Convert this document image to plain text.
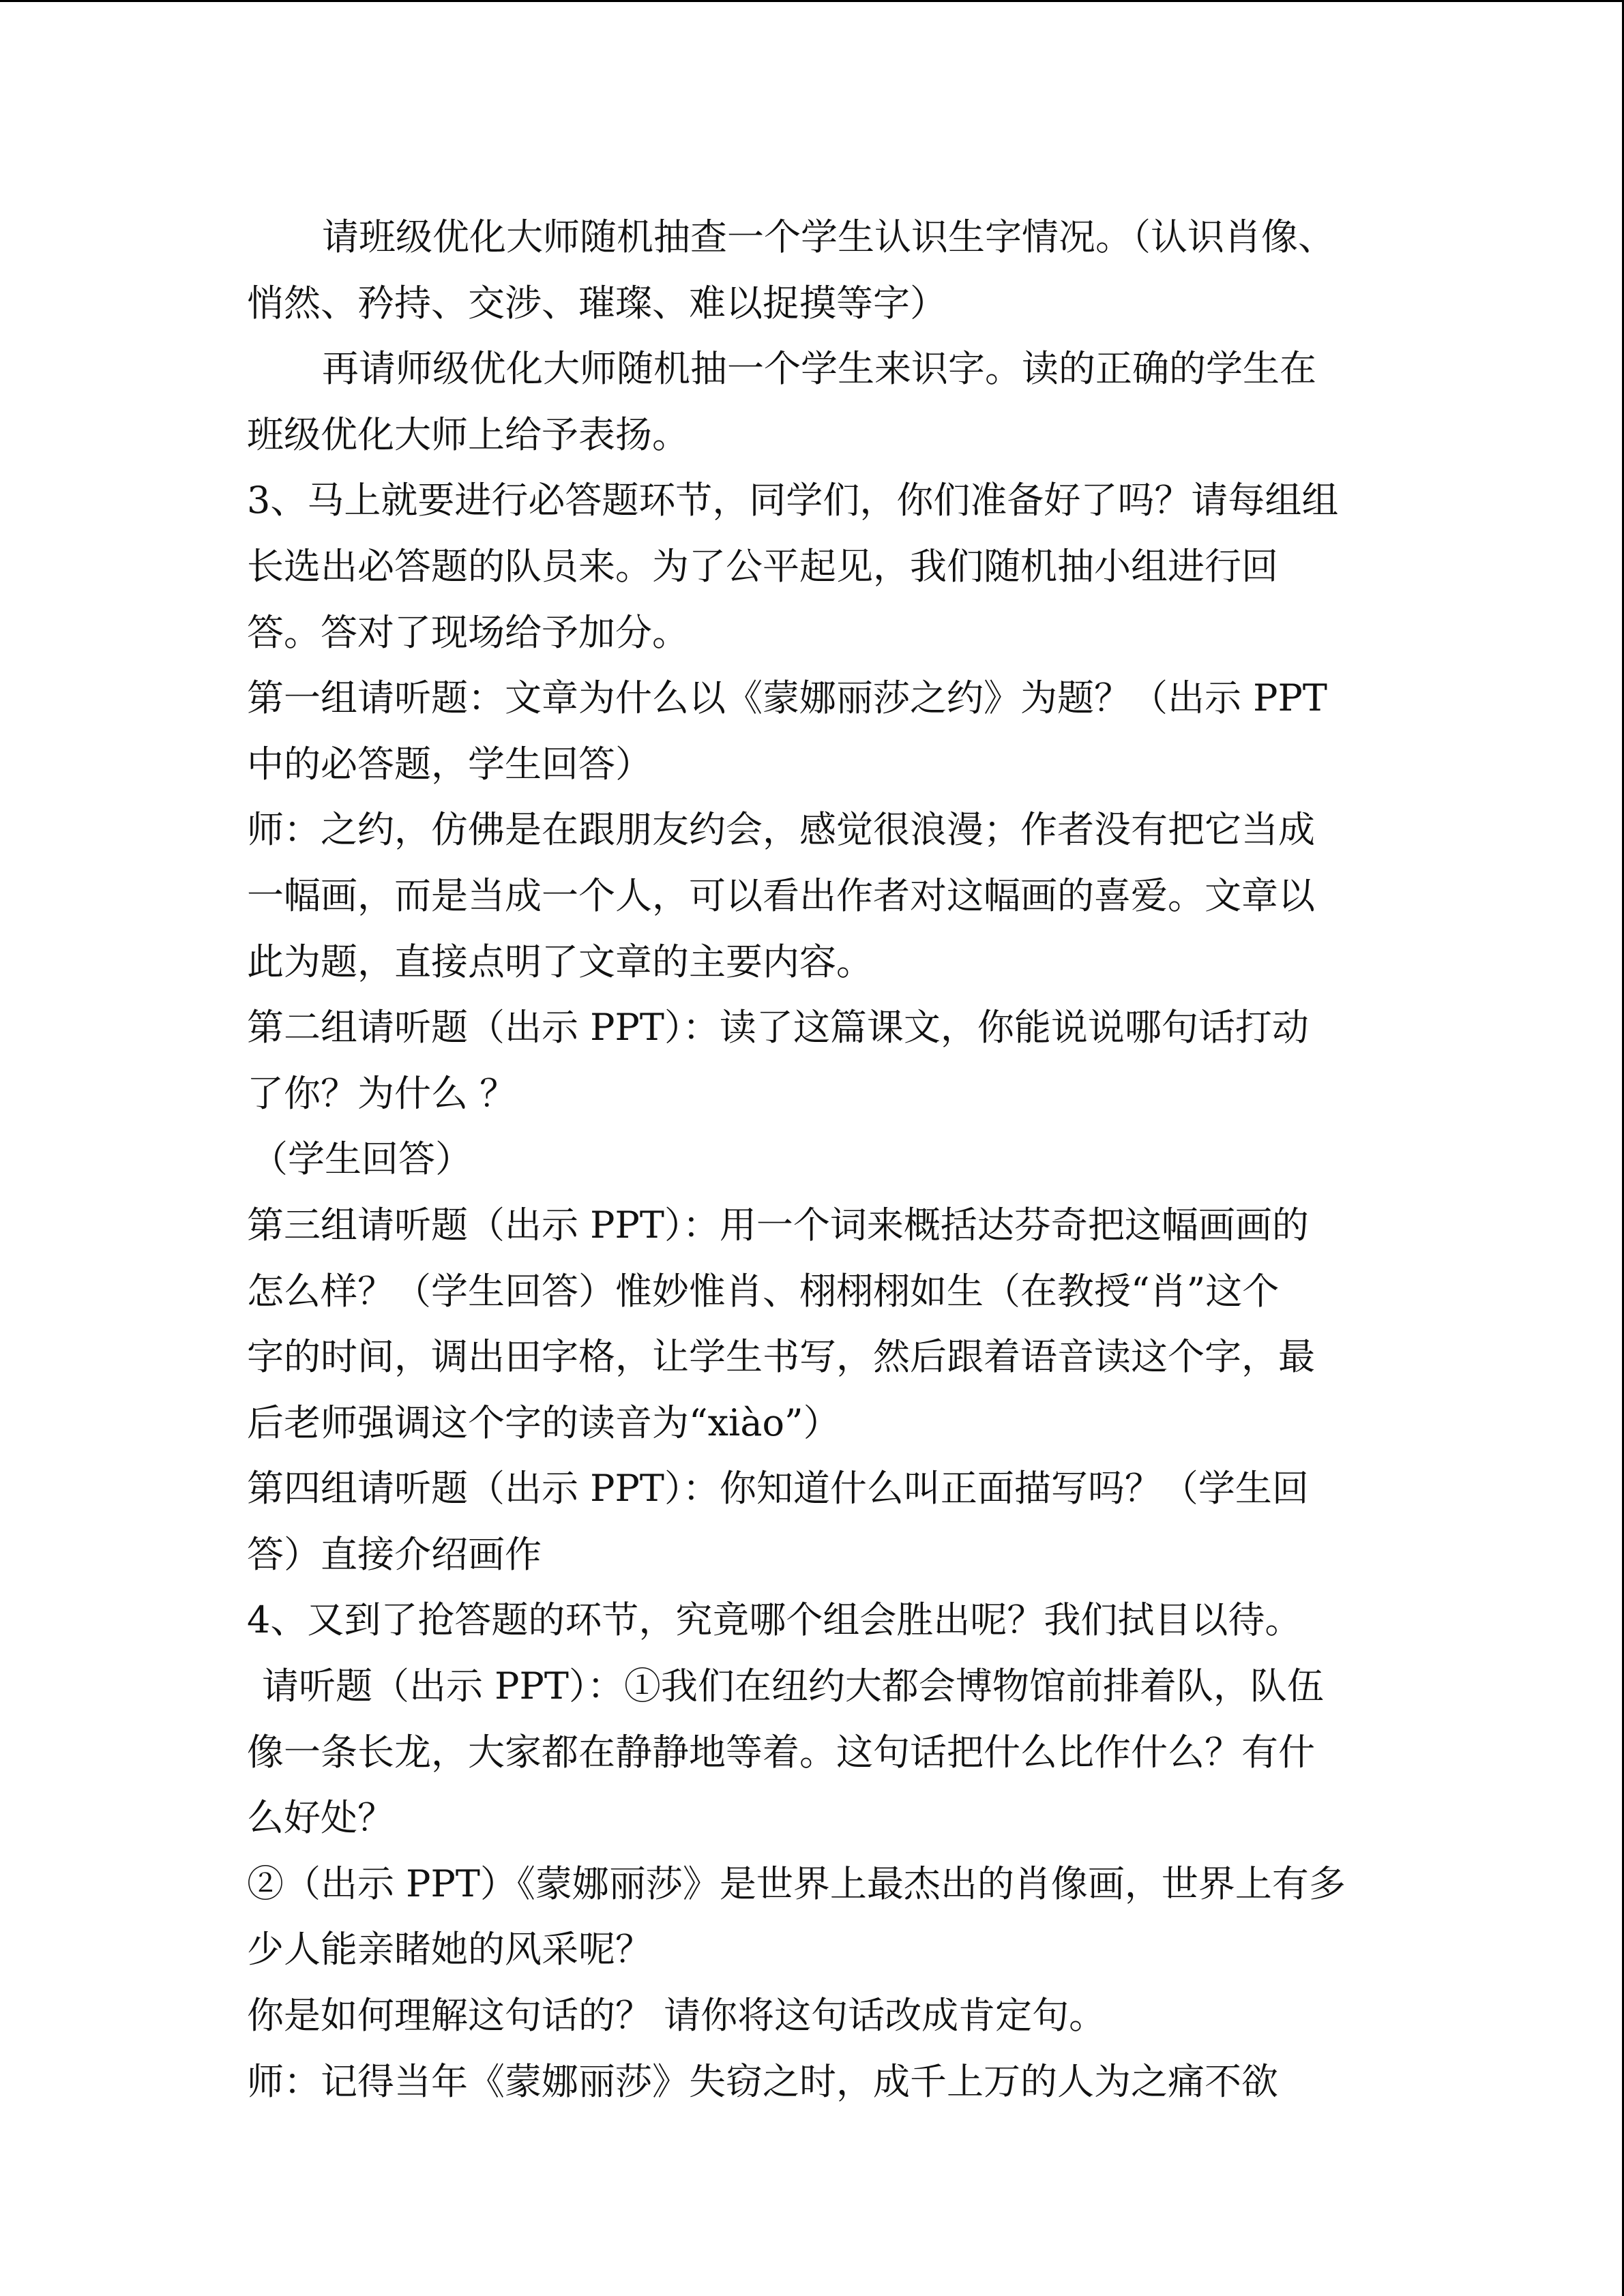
请班级优化大师随机抽查一个学生认识生字情况。（认识肖像、
悄然、矜持、交涉、璀璨、难以捉摸等字）
再请师级优化大师随机抽一个学生来识字。读的正确的学生在
班级优化大师上给予表扬。
3、马上就要进行必答题环节，同学们，你们准备好了吗？请每组组
长选出必答题的队员来。为了公平起见，我们随机抽小组进行回
答。答对了现场给予加分。
第一组请听题：文章为什么以《蒙娜丽莎之约》为题？（出示 PPT
中的必答题，学生回答）
师：之约，仿佛是在跟朋友约会，感觉很浪漫；作者没有把它当成
一幅画，而是当成一个人，可以看出作者对这幅画的喜爱。文章以
此为题，直接点明了文章的主要内容。
第二组请听题（出示 PPT）：读了这篇课文，你能说说哪句话打动
了你？为什么 ？
（学生回答）
第三组请听题（出示 PPT）：用一个词来概括达芬奇把这幅画画的
怎么样？（学生回答）惟妙惟肖、栩栩栩如生（在教授“肖”这个
字的时间，调出田字格，让学生书写，然后跟着语音读这个字，最
后老师强调这个字的读音为“xiào”）
第四组请听题（出示 PPT）：你知道什么叫正面描写吗？（学生回
答）直接介绍画作
4、又到了抢答题的环节，究竟哪个组会胜出呢？我们拭目以待。
请听题（出示 PPT）：①我们在纽约大都会博物馆前排着队，队伍
像一条长龙，大家都在静静地等着。这句话把什么比作什么？有什
么好处？
②（出示 PPT）《蒙娜丽莎》是世界上最杰出的肖像画，世界上有多
少人能亲睹她的风采呢？
你是如何理解这句话的？ 请你将这句话改成肯定句。
师：记得当年《蒙娜丽莎》失窃之时，成千上万的人为之痛不欲
